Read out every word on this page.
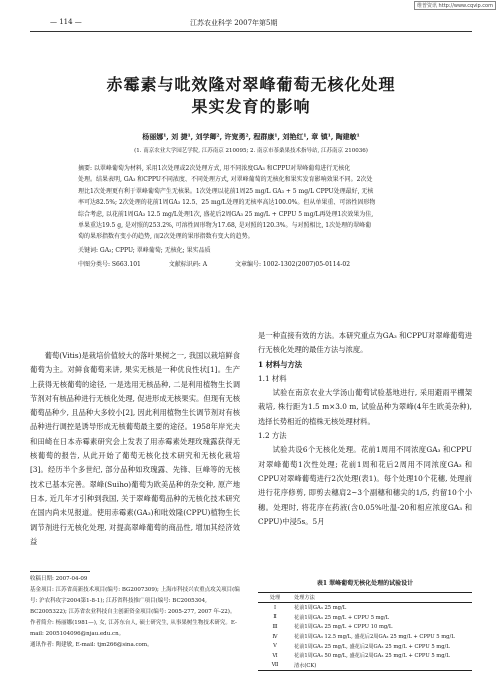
维普资讯 http://www.cqvip.com
— 114 —	江苏农业科学 2007年第5期
赤霉素与吡效隆对翠峰葡萄无核化处理
果实发育的影响
杨丽娜¹, 刘 捷¹, 刘学卿², 许宽勇², 程群康¹, 刘艳红¹, 章 镇¹, 陶建敏¹
(1. 南京农业大学园艺学院, 江苏南京 210095; 2. 南京市茶桑果技术指导站, 江苏南京 210036)

摘要: 以翠峰葡萄为材料, 采用1次处理或2次处理方式, 用不同浓度GA₃ 和CPPU对翠峰葡萄进行无核化

处理。结果表明, GA₃ 和CPPU不同浓度、不同处理方式, 对翠峰葡萄的无核化和果实发育影响效果不同。2次处

理比1次处理更有利于翠峰葡萄产生无核果。1次处理以花前1周25 mg/L GA₃ + 5 mg/L CPPU处理最好, 无核

率可达82.5%; 2次处理的花前1周GA₃ 12.5、25 mg/L处理的无核率高达100.0%。但从单果重、可溶性固形物

综合考虑, 以花前1周GA₃ 12.5 mg/L处理1次, 盛花后2周GA₃ 25 mg/L + CPPU 5 mg/L再处理1次效果为佳,

单果重达19.5 g, 是对照的253.2%, 可溶性固形物为17.68, 是对照的120.3%。与对照相比, 1次处理的翠峰葡

萄的果形指数有变小的趋势, 而2次处理的果形指数有变大的趋势。

关键词: GA₃; CPPU; 翠峰葡萄; 无核化; 果实品质
中图分类号: S663.101	文献标识码: A	文章编号: 1002-1302(2007)05-0114-02

葡萄(Vitis)是栽培价值较大的落叶果树之一, 我国以栽培鲜食葡萄为主。对鲜食葡萄来讲, 果实无核是一种优良性状[1]。生产上获得无核葡萄的途径, 一是选用无核品种, 二是利用植物生长调节剂对有核品种进行无核化处理, 促进形成无核果实。但现有无核葡萄品种少, 且品种大多较小[2], 因此利用植物生长调节剂对有核品种进行调控是诱导形成无核葡萄最主要的途径。1958年岸光夫和田崎在日本赤霉素研究会上发表了用赤霉素处理玫瑰露获得无核葡萄的报告, 从此开始了葡萄无核化技术研究和无核化栽培[3]。经历半个多世纪, 部分品种如玫瑰露、先锋、巨峰等的无核技术已基本完善。翠峰(Suiho)葡萄为欧美品种的杂交种, 原产地日本, 近几年才引种到我国, 关于翠峰葡萄品种的无核化技术研究在国内尚未见报道。使用赤霉素(GA₃)和吡效隆(CPPU)植物生长调节剂进行无核化处理, 对提高翠峰葡萄的商品性, 增加其经济效益

是一种直接有效的方法。本研究重点为GA₃ 和CPPU对翠峰葡萄进行无核化处理的最佳方法与浓度。

1 材料与方法
1.1 材料

试验在南京农业大学汤山葡萄试验基地进行, 采用避雨平棚架栽培, 株行距为1.5 m×3.0 m, 试验品种为翠峰(4年生欧美杂种), 选择长势相近的植株无核处理材料。

1.2 方法

试验共设6个无核化处理。花前1周用不同浓度GA₃ 和CPPU对翠峰葡萄1次性处理; 花前1周和花后2周用不同浓度GA₃ 和CPPU对翠峰葡萄进行2次处理(表1)。每个处理10个花穗, 处理前进行花序修剪, 即剪去穗肩2~3个副穗和穗尖的1/5, 约留10个小穗。处理时, 将花序在药液(含0.05%吐温-20和相应浓度GA₃ 和CPPU)中浸5s。5月

收稿日期: 2007-04-09

基金项目: 江苏省高新技术项目(编号: BG2007309); 上海市科技兴农重点攻关项目(编号: 沪农科攻字2004第1-8-1); 江苏省科技推广项目(编号: BC2005304, BC2005322); 江苏省农业科技自主创新资金项目(编号: 2005-277, 2007 年-22)。

作者简介: 杨丽娜(1981—), 女, 江苏东台人, 硕士研究生, 从事果树生物技术研究。E-mail: 2005104096@njau.edu.cn。

通讯作者: 陶建敏, E-mail: tjm266@sina.com。

表1 翠峰葡萄无核化处理的试验设计
处理	处理方法
Ⅰ	花前1周GA₃ 25 mg/L
Ⅱ	花前1周GA₃ 25 mg/L + CPPU 5 mg/L
Ⅲ	花前1周GA₃ 25 mg/L + CPPU 10 mg/L
Ⅳ	花前1周GA₃ 12.5 mg/L, 盛花后2周GA₃ 25 mg/L + CPPU 5 mg/L
Ⅴ	花前1周GA₃ 25 mg/L, 盛花后2周GA₃ 25 mg/L + CPPU 5 mg/L
Ⅵ	花前1周GA₃ 50 mg/L, 盛花后2周GA₃ 25 mg/L + CPPU 5 mg/L
Ⅶ	清水(CK)
